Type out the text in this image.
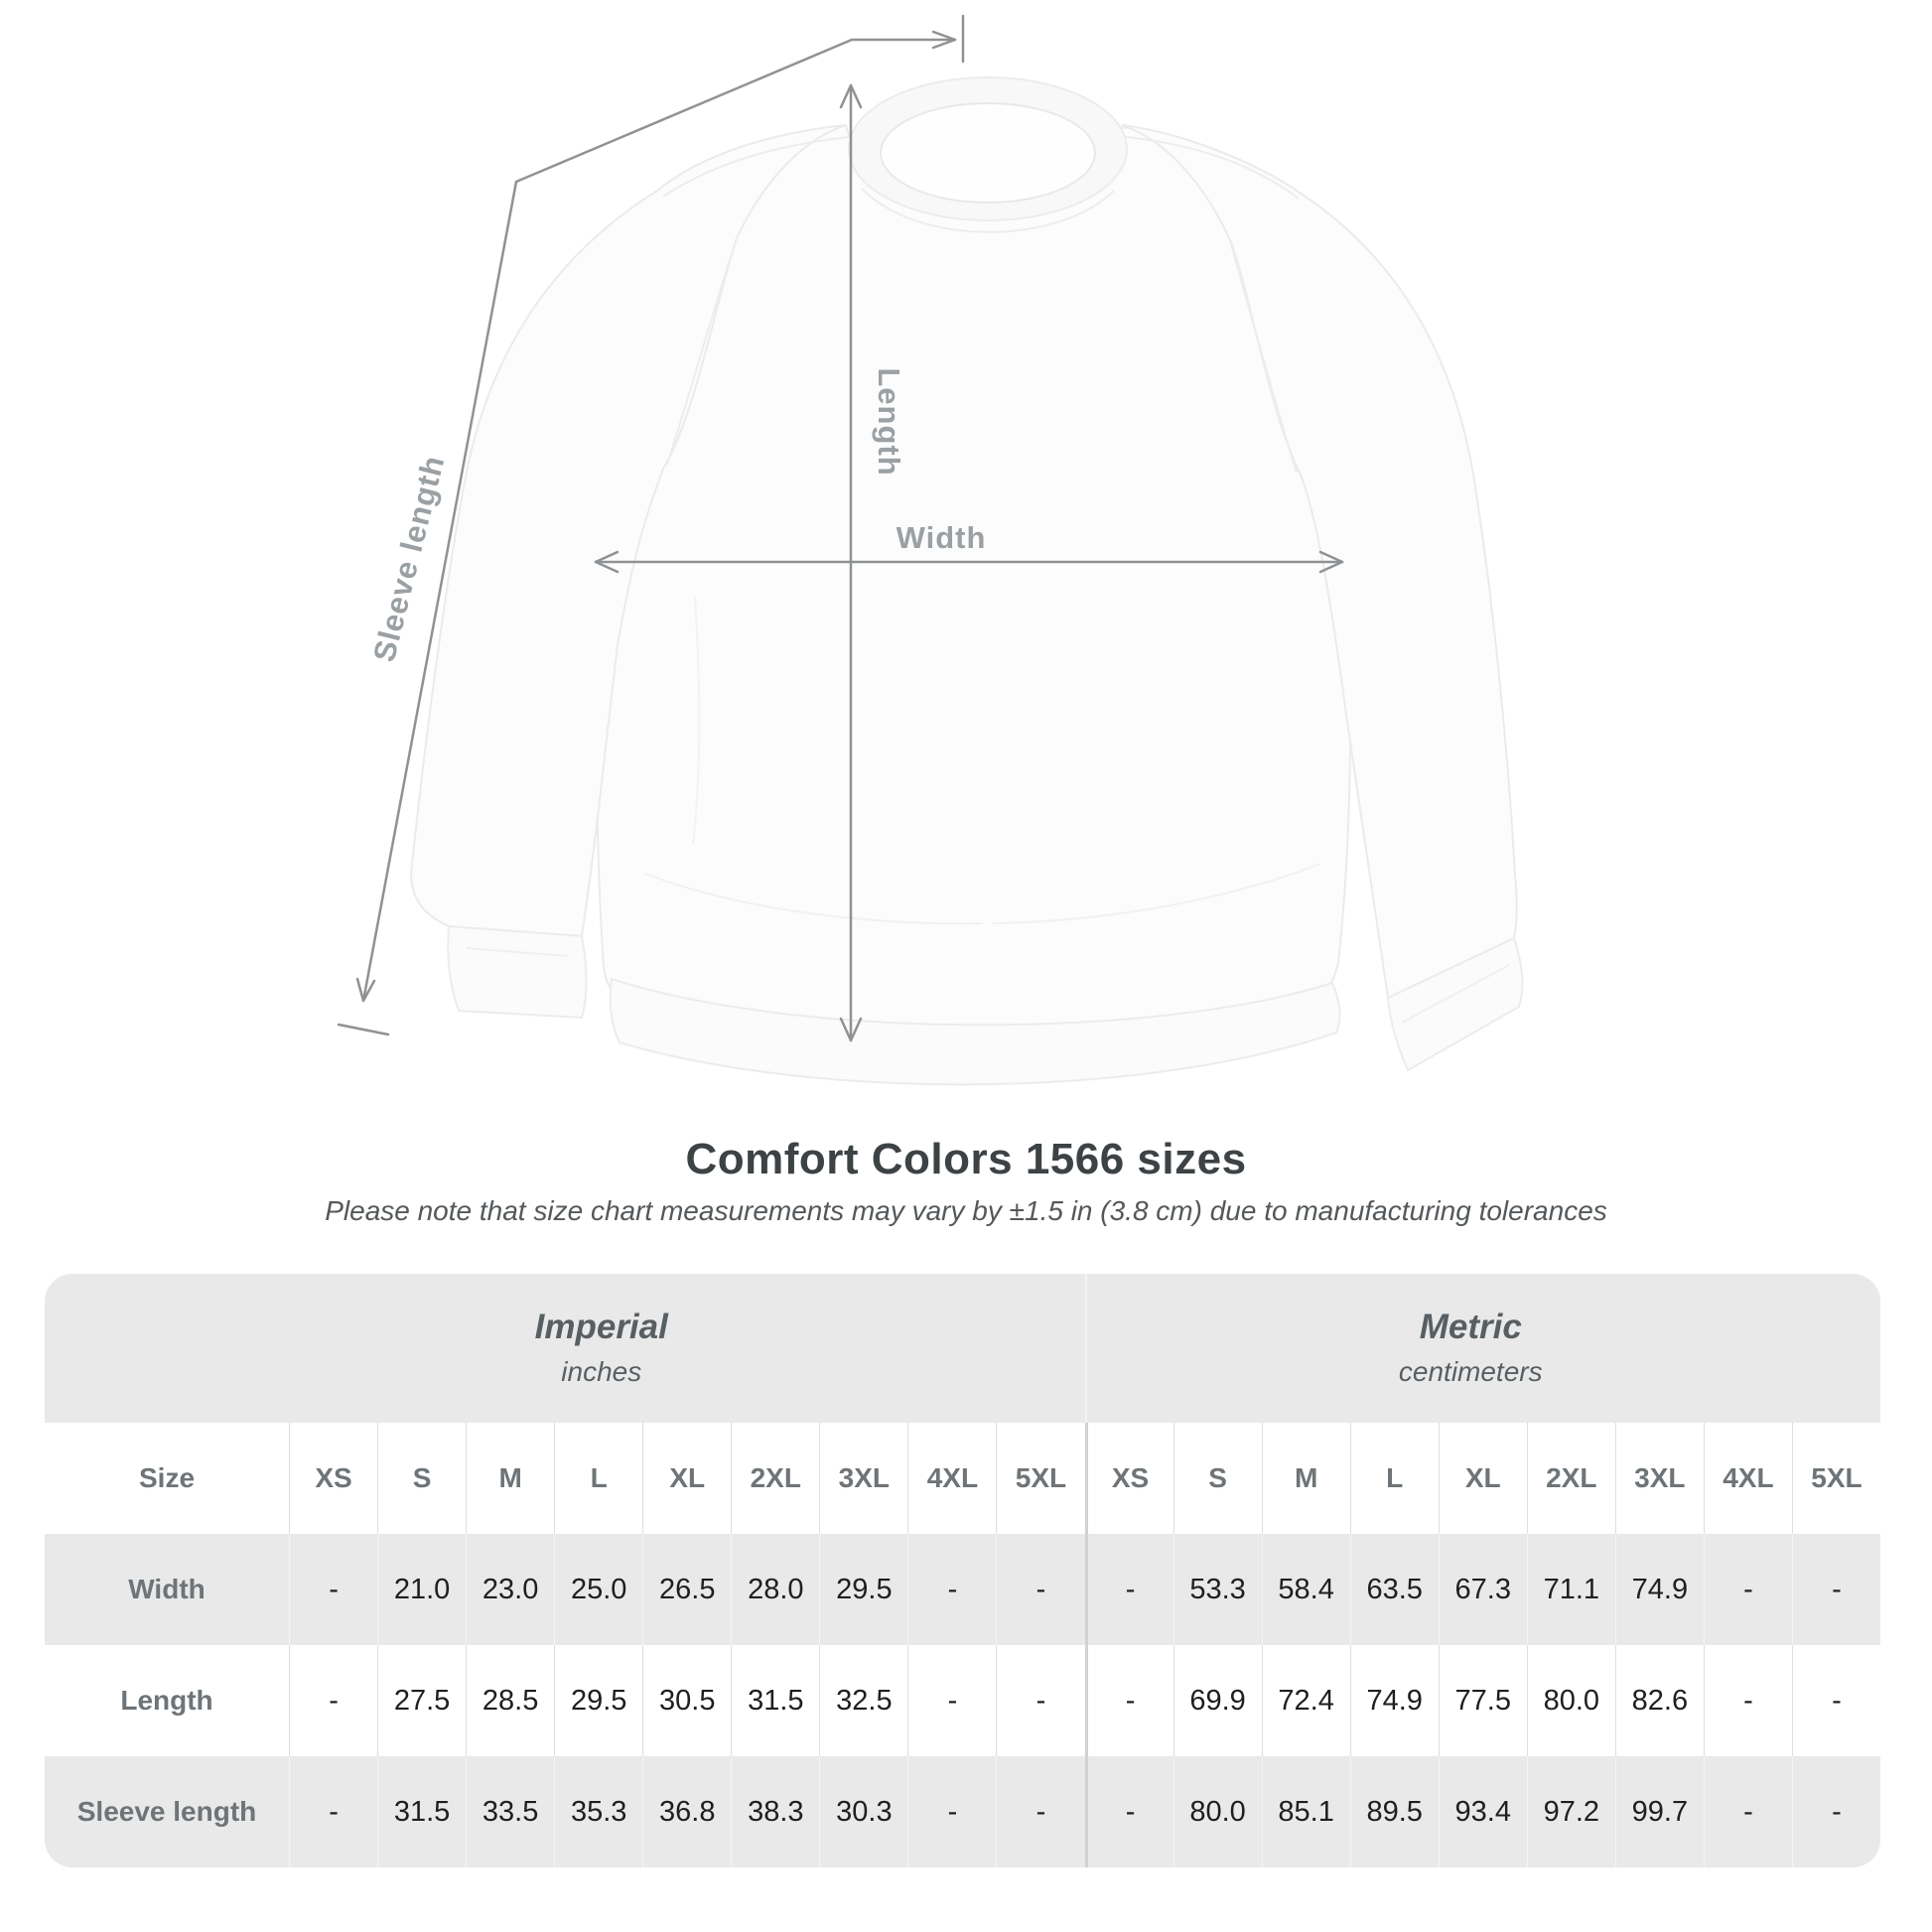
Length
Width
Sleeve length
Comfort Colors 1566 sizes
Please note that size chart measurements may vary by ±1.5 in (3.8 cm) due to manufacturing tolerances
Imperial
inches
Metric
centimeters
Size	XS	S	M	L	XL	2XL	3XL	4XL	5XL	XS	S	M	L	XL	2XL	3XL	4XL	5XL
Width	-	21.0	23.0	25.0	26.5	28.0	29.5	-	-	-	53.3	58.4	63.5	67.3	71.1	74.9	-	-
Length	-	27.5	28.5	29.5	30.5	31.5	32.5	-	-	-	69.9	72.4	74.9	77.5	80.0	82.6	-	-
Sleeve length	-	31.5	33.5	35.3	36.8	38.3	30.3	-	-	-	80.0	85.1	89.5	93.4	97.2	99.7	-	-
